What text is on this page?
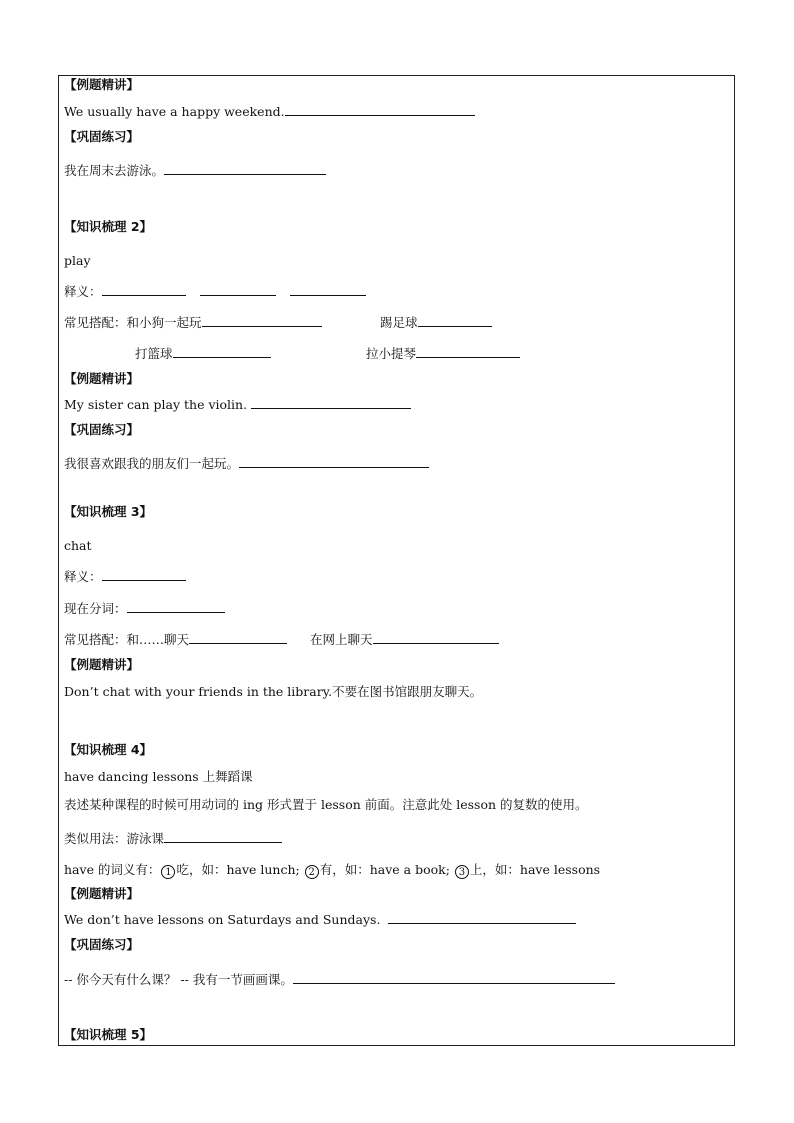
【例题精讲】
We usually have a happy weekend.
【巩固练习】
我在周末去游泳。
【知识梳理 2】
play
释义：
常见搭配：和小狗一起玩	踢足球
打篮球	拉小提琴
【例题精讲】
My sister can play the violin.
【巩固练习】
我很喜欢跟我的朋友们一起玩。
【知识梳理 3】
chat
释义：
现在分词：
常见搭配：和……聊天	在网上聊天
【例题精讲】
Don’t chat with your friends in the library.不要在图书馆跟朋友聊天。
【知识梳理 4】
have dancing lessons 上舞蹈课
表述某种课程的时候可用动词的 ing 形式置于 lesson 前面。注意此处 lesson 的复数的使用。
类似用法：游泳课
have 的词义有： 1 吃，如：have lunch; 2 有，如：have a book; 3 上，如：have lessons
【例题精讲】
We don’t have lessons on Saturdays and Sundays.
【巩固练习】
-- 你今天有什么课？ -- 我有一节画画课。
【知识梳理 5】
